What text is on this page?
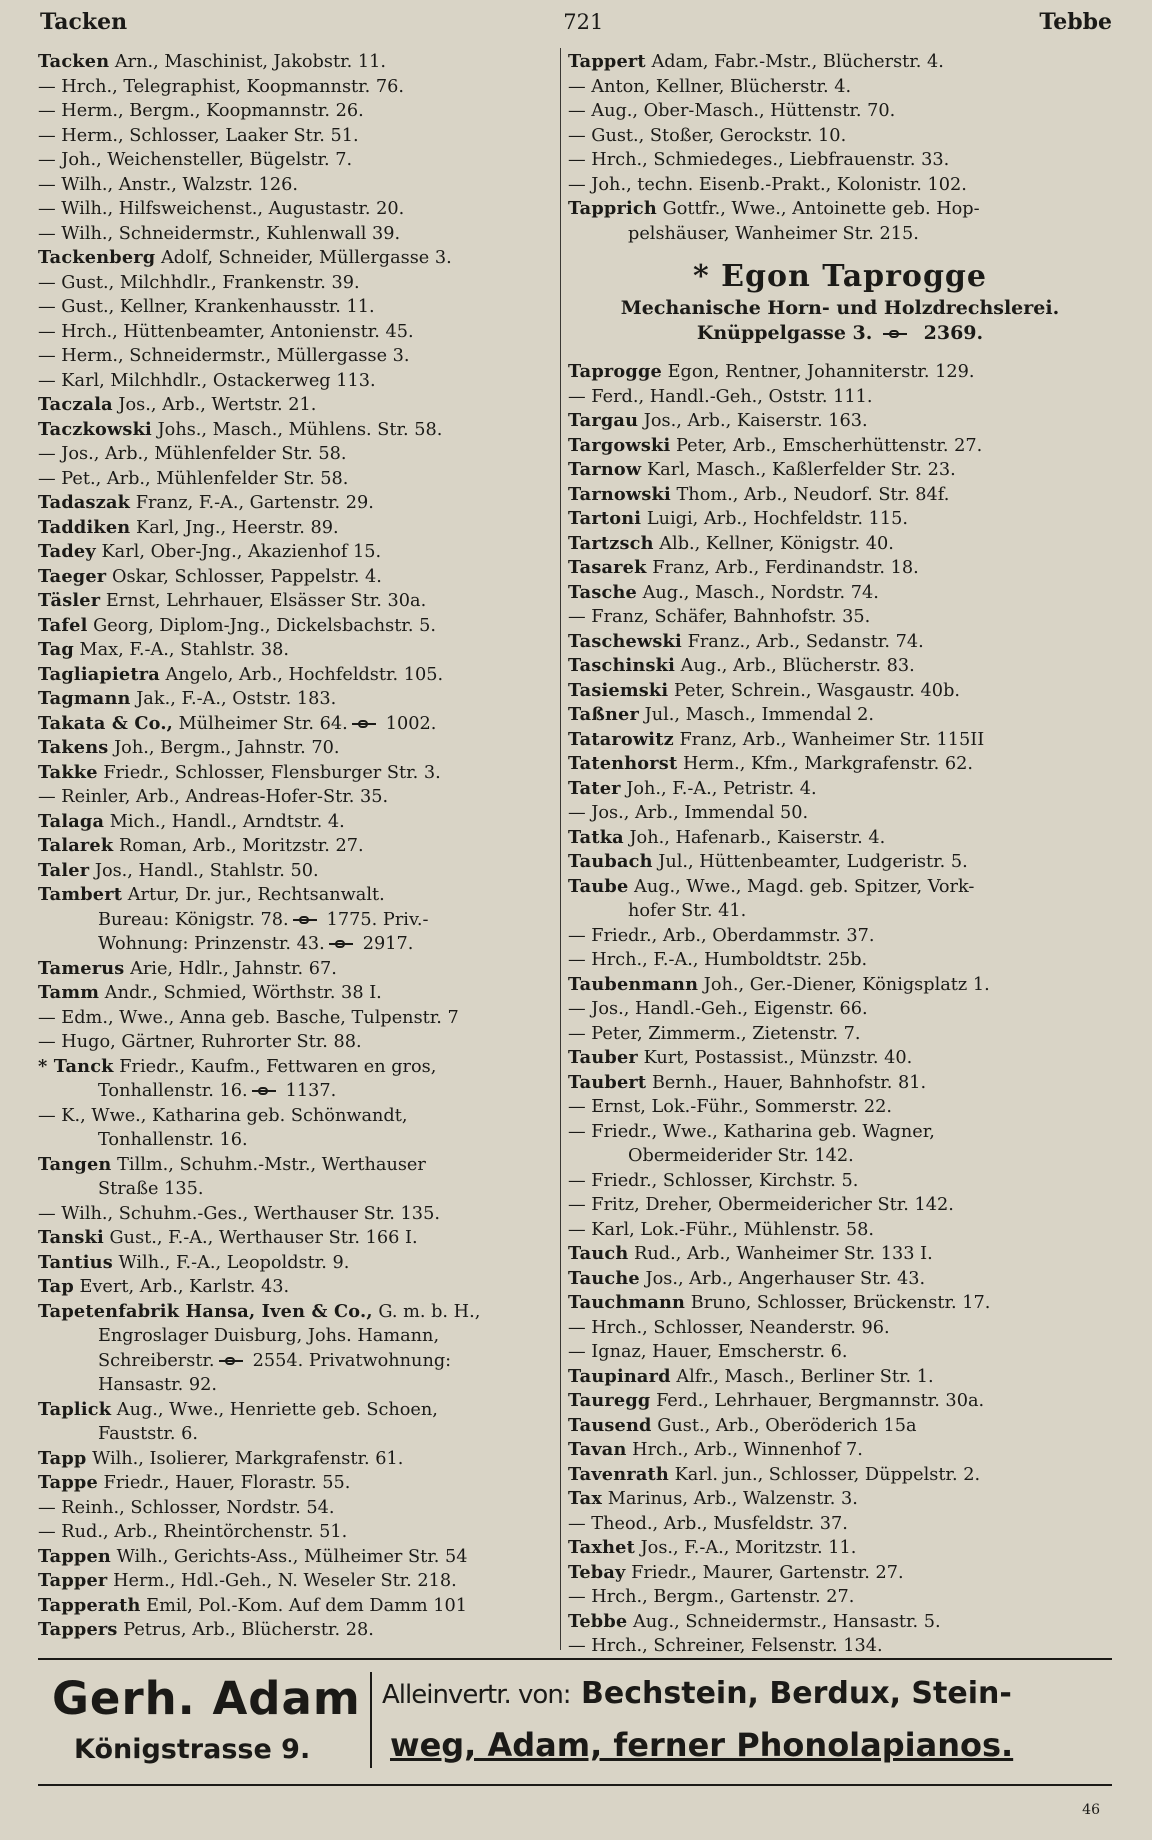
Tacken	721	Tebbe
Tacken Arn., Maschinist, Jakobstr. 11.
— Hrch., Telegraphist, Koopmannstr. 76.
— Herm., Bergm., Koopmannstr. 26.
— Herm., Schlosser, Laaker Str. 51.
— Joh., Weichensteller, Bügelstr. 7.
— Wilh., Anstr., Walzstr. 126.
— Wilh., Hilfsweichenst., Augustastr. 20.
— Wilh., Schneidermstr., Kuhlenwall 39.
Tackenberg Adolf, Schneider, Müllergasse 3.
— Gust., Milchhdlr., Frankenstr. 39.
— Gust., Kellner, Krankenhausstr. 11.
— Hrch., Hüttenbeamter, Antonienstr. 45.
— Herm., Schneidermstr., Müllergasse 3.
— Karl, Milchhdlr., Ostackerweg 113.
Taczala Jos., Arb., Wertstr. 21.
Taczkowski Johs., Masch., Mühlens. Str. 58.
— Jos., Arb., Mühlenfelder Str. 58.
— Pet., Arb., Mühlenfelder Str. 58.
Tadaszak Franz, F.-A., Gartenstr. 29.
Taddiken Karl, Jng., Heerstr. 89.
Tadey Karl, Ober-Jng., Akazienhof 15.
Taeger Oskar, Schlosser, Pappelstr. 4.
Täsler Ernst, Lehrhauer, Elsässer Str. 30a.
Tafel Georg, Diplom-Jng., Dickelsbachstr. 5.
Tag Max, F.-A., Stahlstr. 38.
Tagliapietra Angelo, Arb., Hochfeldstr. 105.
Tagmann Jak., F.-A., Oststr. 183.
Takata & Co., Mülheimer Str. 64. 1002.
Takens Joh., Bergm., Jahnstr. 70.
Takke Friedr., Schlosser, Flensburger Str. 3.
— Reinler, Arb., Andreas-Hofer-Str. 35.
Talaga Mich., Handl., Arndtstr. 4.
Talarek Roman, Arb., Moritzstr. 27.
Taler Jos., Handl., Stahlstr. 50.
Tambert Artur, Dr. jur., Rechtsanwalt.
Bureau: Königstr. 78. 1775. Priv.-
Wohnung: Prinzenstr. 43. 2917.
Tamerus Arie, Hdlr., Jahnstr. 67.
Tamm Andr., Schmied, Wörthstr. 38 I.
— Edm., Wwe., Anna geb. Basche, Tulpenstr. 7
— Hugo, Gärtner, Ruhrorter Str. 88.
* Tanck Friedr., Kaufm., Fettwaren en gros,
Tonhallenstr. 16. 1137.
— K., Wwe., Katharina geb. Schönwandt,
Tonhallenstr. 16.
Tangen Tillm., Schuhm.-Mstr., Werthauser
Straße 135.
— Wilh., Schuhm.-Ges., Werthauser Str. 135.
Tanski Gust., F.-A., Werthauser Str. 166 I.
Tantius Wilh., F.-A., Leopoldstr. 9.
Tap Evert, Arb., Karlstr. 43.
Tapetenfabrik Hansa, Iven & Co., G. m. b. H.,
Engroslager Duisburg, Johs. Hamann,
Schreiberstr. 2554. Privatwohnung:
Hansastr. 92.
Taplick Aug., Wwe., Henriette geb. Schoen,
Fauststr. 6.
Tapp Wilh., Isolierer, Markgrafenstr. 61.
Tappe Friedr., Hauer, Florastr. 55.
— Reinh., Schlosser, Nordstr. 54.
— Rud., Arb., Rheintörchenstr. 51.
Tappen Wilh., Gerichts-Ass., Mülheimer Str. 54
Tapper Herm., Hdl.-Geh., N. Weseler Str. 218.
Tapperath Emil, Pol.-Kom. Auf dem Damm 101
Tappers Petrus, Arb., Blücherstr. 28.
Tappert Adam, Fabr.-Mstr., Blücherstr. 4.
— Anton, Kellner, Blücherstr. 4.
— Aug., Ober-Masch., Hüttenstr. 70.
— Gust., Stoßer, Gerockstr. 10.
— Hrch., Schmiedeges., Liebfrauenstr. 33.
— Joh., techn. Eisenb.-Prakt., Kolonistr. 102.
Tapprich Gottfr., Wwe., Antoinette geb. Hop-
pelshäuser, Wanheimer Str. 215.
* Egon Taprogge
Mechanische Horn- und Holzdrechslerei.
Knüppelgasse 3.	2369.
Taprogge Egon, Rentner, Johanniterstr. 129.
— Ferd., Handl.-Geh., Oststr. 111.
Targau Jos., Arb., Kaiserstr. 163.
Targowski Peter, Arb., Emscherhüttenstr. 27.
Tarnow Karl, Masch., Kaßlerfelder Str. 23.
Tarnowski Thom., Arb., Neudorf. Str. 84f.
Tartoni Luigi, Arb., Hochfeldstr. 115.
Tartzsch Alb., Kellner, Königstr. 40.
Tasarek Franz, Arb., Ferdinandstr. 18.
Tasche Aug., Masch., Nordstr. 74.
— Franz, Schäfer, Bahnhofstr. 35.
Taschewski Franz., Arb., Sedanstr. 74.
Taschinski Aug., Arb., Blücherstr. 83.
Tasiemski Peter, Schrein., Wasgaustr. 40b.
Taßner Jul., Masch., Immendal 2.
Tatarowitz Franz, Arb., Wanheimer Str. 115II
Tatenhorst Herm., Kfm., Markgrafenstr. 62.
Tater Joh., F.-A., Petristr. 4.
— Jos., Arb., Immendal 50.
Tatka Joh., Hafenarb., Kaiserstr. 4.
Taubach Jul., Hüttenbeamter, Ludgeristr. 5.
Taube Aug., Wwe., Magd. geb. Spitzer, Vork-
hofer Str. 41.
— Friedr., Arb., Oberdammstr. 37.
— Hrch., F.-A., Humboldtstr. 25b.
Taubenmann Joh., Ger.-Diener, Königsplatz 1.
— Jos., Handl.-Geh., Eigenstr. 66.
— Peter, Zimmerm., Zietenstr. 7.
Tauber Kurt, Postassist., Münzstr. 40.
Taubert Bernh., Hauer, Bahnhofstr. 81.
— Ernst, Lok.-Führ., Sommerstr. 22.
— Friedr., Wwe., Katharina geb. Wagner,
Obermeiderider Str. 142.
— Friedr., Schlosser, Kirchstr. 5.
— Fritz, Dreher, Obermeidericher Str. 142.
— Karl, Lok.-Führ., Mühlenstr. 58.
Tauch Rud., Arb., Wanheimer Str. 133 I.
Tauche Jos., Arb., Angerhauser Str. 43.
Tauchmann Bruno, Schlosser, Brückenstr. 17.
— Hrch., Schlosser, Neanderstr. 96.
— Ignaz, Hauer, Emscherstr. 6.
Taupinard Alfr., Masch., Berliner Str. 1.
Tauregg Ferd., Lehrhauer, Bergmannstr. 30a.
Tausend Gust., Arb., Oberöderich 15a
Tavan Hrch., Arb., Winnenhof 7.
Tavenrath Karl. jun., Schlosser, Düppelstr. 2.
Tax Marinus, Arb., Walzenstr. 3.
— Theod., Arb., Musfeldstr. 37.
Taxhet Jos., F.-A., Moritzstr. 11.
Tebay Friedr., Maurer, Gartenstr. 27.
— Hrch., Bergm., Gartenstr. 27.
Tebbe Aug., Schneidermstr., Hansastr. 5.
— Hrch., Schreiner, Felsenstr. 134.
Gerh. Adam
Königstrasse 9.
Alleinvertr. von: Bechstein, Berdux, Stein-
weg, Adam, ferner Phonolapianos.
46
